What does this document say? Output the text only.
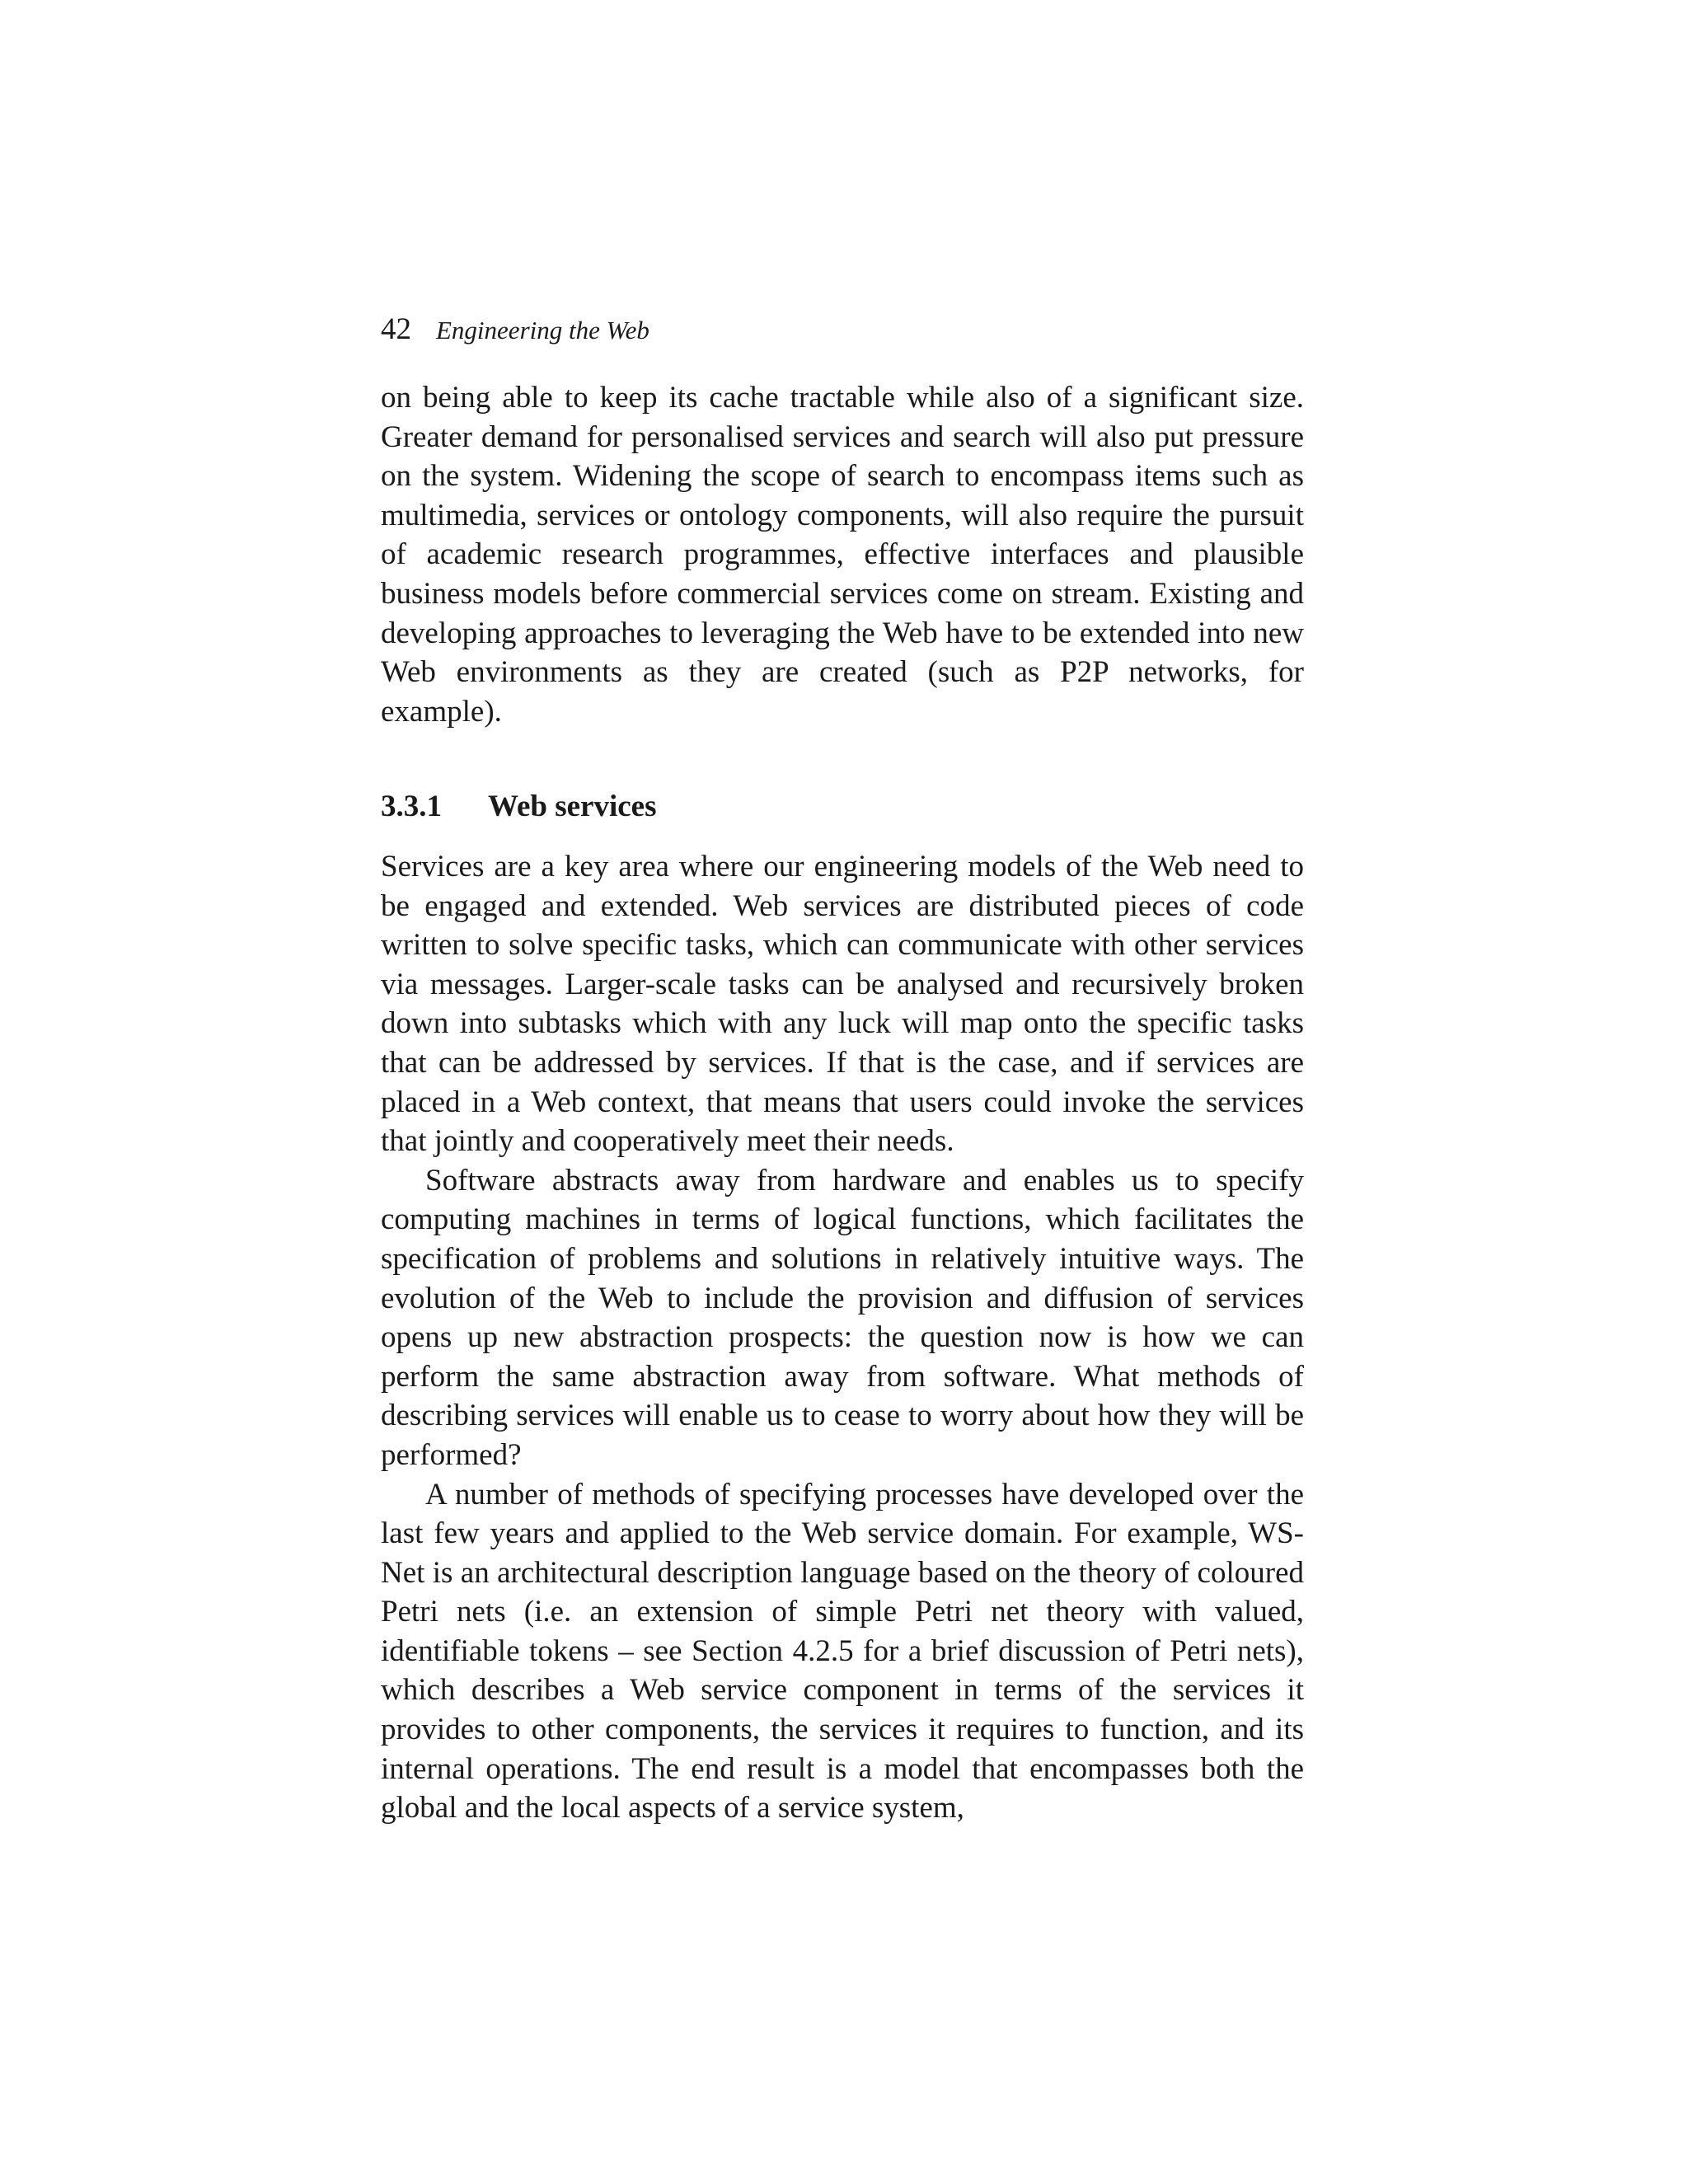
42 Engineering the Web

on being able to keep its cache tractable while also of a significant size. Greater demand for personalised services and search will also put pressure on the system. Widening the scope of search to encompass items such as multimedia, services or ontology components, will also require the pursuit of academic research programmes, effective interfaces and plausible business models before commercial services come on stream. Existing and developing approaches to leveraging the Web have to be extended into new Web environments as they are created (such as P2P networks, for example).

3.3.1	Web services

Services are a key area where our engineering models of the Web need to be engaged and extended. Web services are distributed pieces of code written to solve specific tasks, which can communicate with other services via messages. Larger-scale tasks can be analysed and recursively broken down into subtasks which with any luck will map onto the specific tasks that can be addressed by services. If that is the case, and if services are placed in a Web context, that means that users could invoke the services that jointly and cooperatively meet their needs.

Software abstracts away from hardware and enables us to specify computing machines in terms of logical functions, which facilitates the specification of problems and solutions in relatively intuitive ways. The evolution of the Web to include the provision and diffusion of services opens up new abstraction prospects: the question now is how we can perform the same abstraction away from software. What methods of describing services will enable us to cease to worry about how they will be performed?

A number of methods of specifying processes have developed over the last few years and applied to the Web service domain. For example, WS-Net is an architectural description language based on the theory of coloured Petri nets (i.e. an extension of simple Petri net theory with valued, identifiable tokens – see Section 4.2.5 for a brief discussion of Petri nets), which describes a Web service component in terms of the services it provides to other components, the services it requires to function, and its internal operations. The end result is a model that encompasses both the global and the local aspects of a service system,
